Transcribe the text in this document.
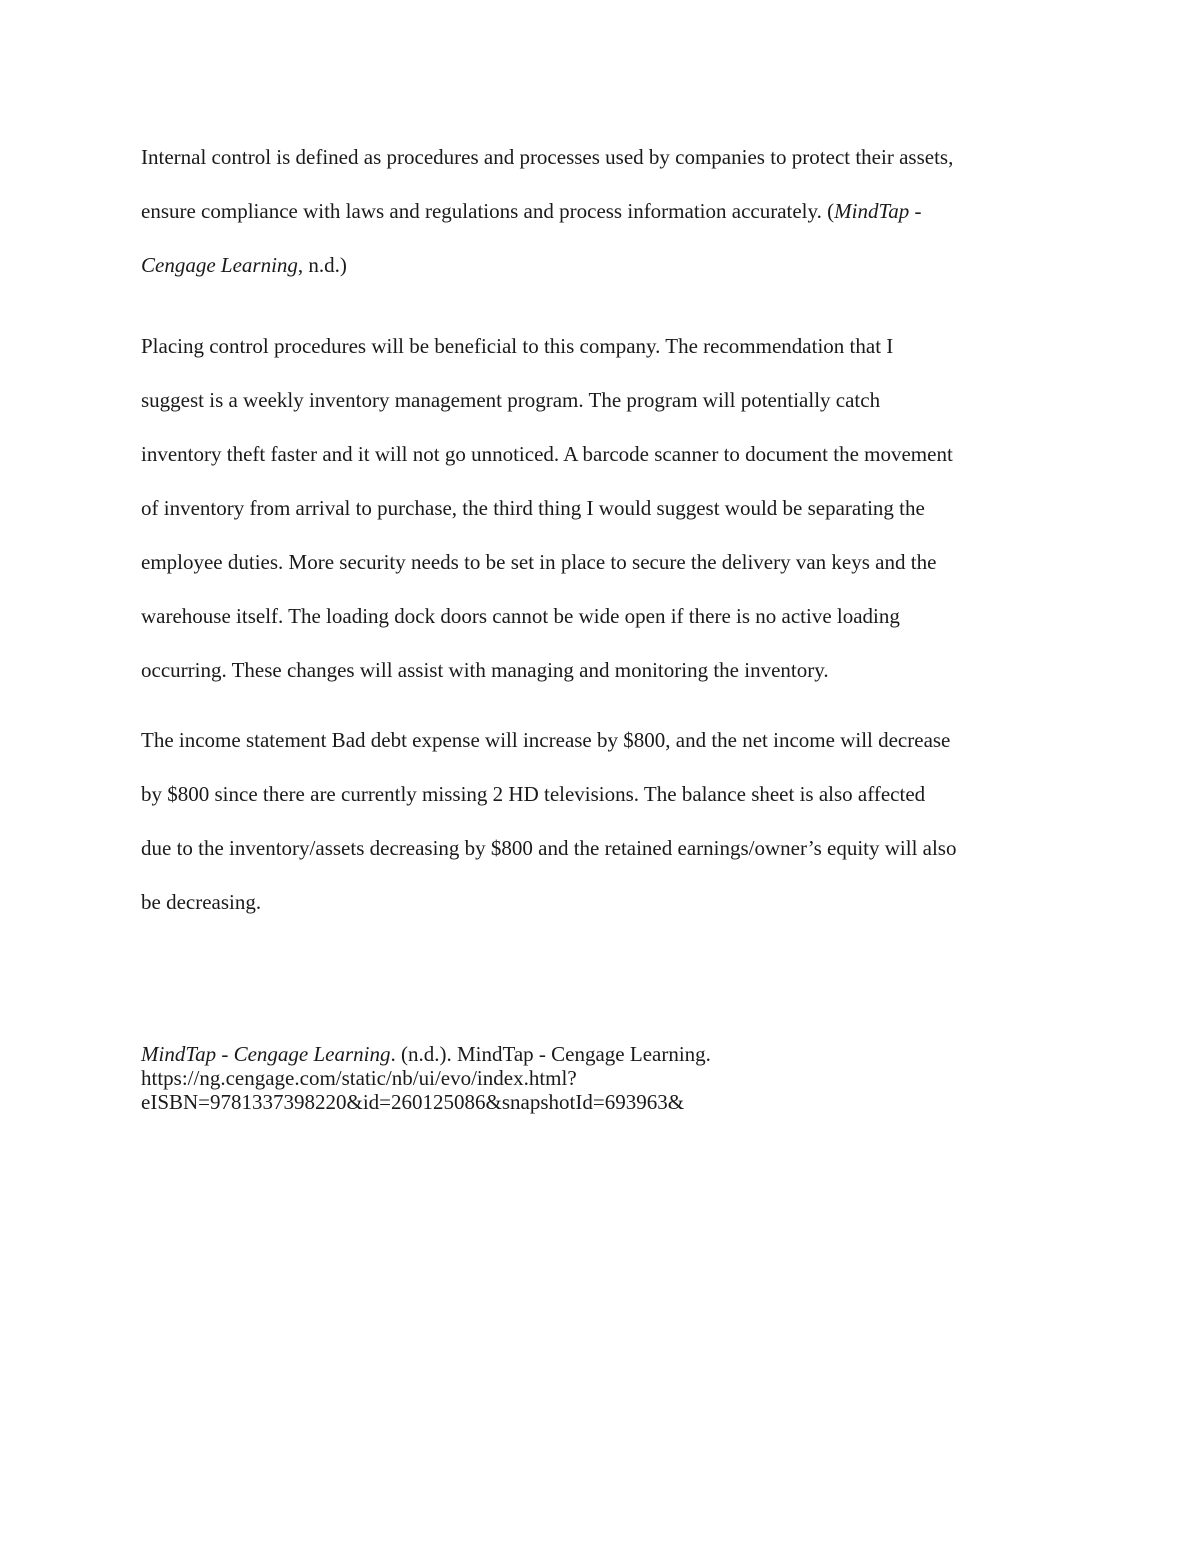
Internal control is defined as procedures and processes used by companies to protect their assets,
ensure compliance with laws and regulations and process information accurately. (MindTap -
Cengage Learning, n.d.)

Placing control procedures will be beneficial to this company. The recommendation that I
suggest is a weekly inventory management program. The program will potentially catch
inventory theft faster and it will not go unnoticed. A barcode scanner to document the movement
of inventory from arrival to purchase, the third thing I would suggest would be separating the
employee duties. More security needs to be set in place to secure the delivery van keys and the
warehouse itself. The loading dock doors cannot be wide open if there is no active loading
occurring. These changes will assist with managing and monitoring the inventory.

The income statement Bad debt expense will increase by $800, and the net income will decrease
by $800 since there are currently missing 2 HD televisions. The balance sheet is also affected
due to the inventory/assets decreasing by $800 and the retained earnings/owner’s equity will also
be decreasing.

MindTap - Cengage Learning. (n.d.). MindTap - Cengage Learning.
https://ng.cengage.com/static/nb/ui/evo/index.html?
eISBN=9781337398220&id=260125086&snapshotId=693963&
